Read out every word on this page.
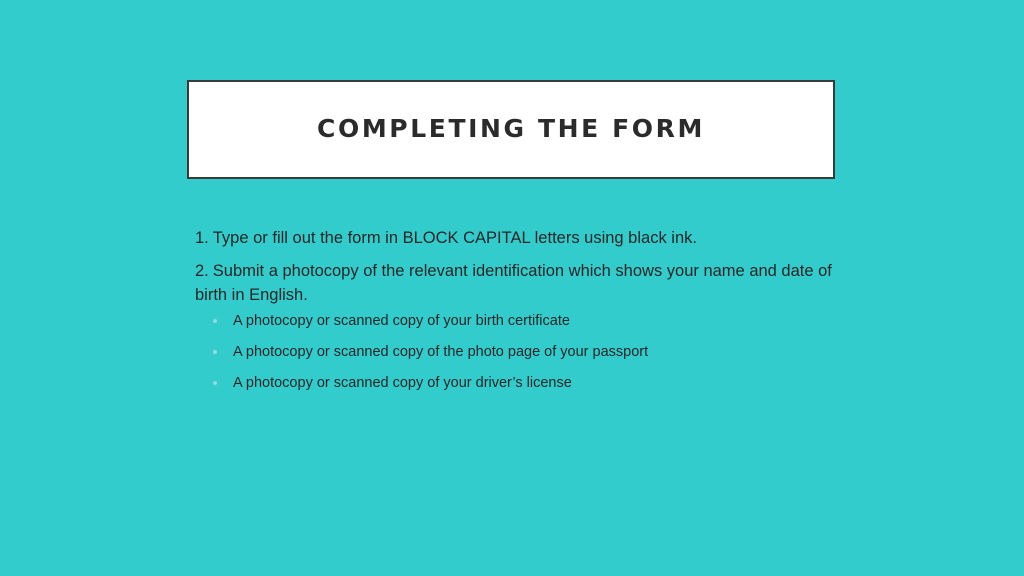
COMPLETING THE FORM

1. Type or fill out the form in BLOCK CAPITAL letters using black ink.

2. Submit a photocopy of the relevant identification which shows your name and date of birth in English.

A photocopy or scanned copy of your birth certificate
A photocopy or scanned copy of the photo page of your passport
A photocopy or scanned copy of your driver’s license
